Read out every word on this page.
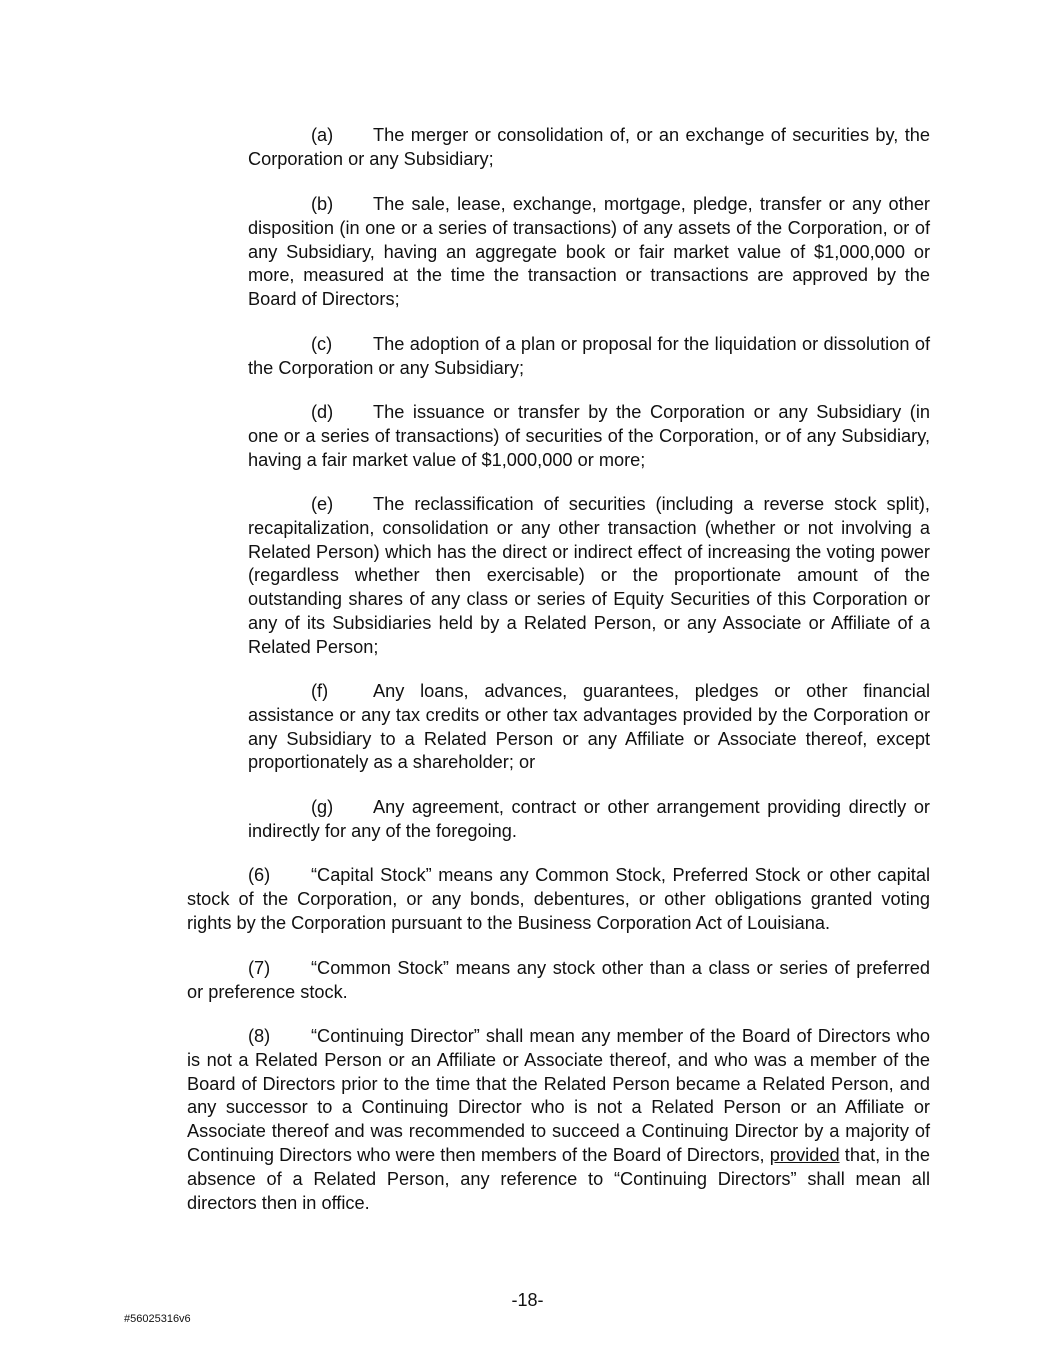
(a) The merger or consolidation of, or an exchange of securities by, the Corporation or any Subsidiary;

(b) The sale, lease, exchange, mortgage, pledge, transfer or any other disposition (in one or a series of transactions) of any assets of the Corporation, or of any Subsidiary, having an aggregate book or fair market value of $1,000,000 or more, measured at the time the transaction or transactions are approved by the Board of Directors;

(c) The adoption of a plan or proposal for the liquidation or dissolution of the Corporation or any Subsidiary;

(d) The issuance or transfer by the Corporation or any Subsidiary (in one or a series of transactions) of securities of the Corporation, or of any Subsidiary, having a fair market value of $1,000,000 or more;

(e) The reclassification of securities (including a reverse stock split), recapitalization, consolidation or any other transaction (whether or not involving a Related Person) which has the direct or indirect effect of increasing the voting power (regardless whether then exercisable) or the proportionate amount of the outstanding shares of any class or series of Equity Securities of this Corporation or any of its Subsidiaries held by a Related Person, or any Associate or Affiliate of a Related Person;

(f) Any loans, advances, guarantees, pledges or other financial assistance or any tax credits or other tax advantages provided by the Corporation or any Subsidiary to a Related Person or any Affiliate or Associate thereof, except proportionately as a shareholder; or

(g) Any agreement, contract or other arrangement providing directly or indirectly for any of the foregoing.

(6) “Capital Stock” means any Common Stock, Preferred Stock or other capital stock of the Corporation, or any bonds, debentures, or other obligations granted voting rights by the Corporation pursuant to the Business Corporation Act of Louisiana.

(7) “Common Stock” means any stock other than a class or series of preferred or preference stock.

(8) “Continuing Director” shall mean any member of the Board of Directors who is not a Related Person or an Affiliate or Associate thereof, and who was a member of the Board of Directors prior to the time that the Related Person became a Related Person, and any successor to a Continuing Director who is not a Related Person or an Affiliate or Associate thereof and was recommended to succeed a Continuing Director by a majority of Continuing Directors who were then members of the Board of Directors, provided that, in the absence of a Related Person, any reference to “Continuing Directors” shall mean all directors then in office.

-18-
#56025316v6
